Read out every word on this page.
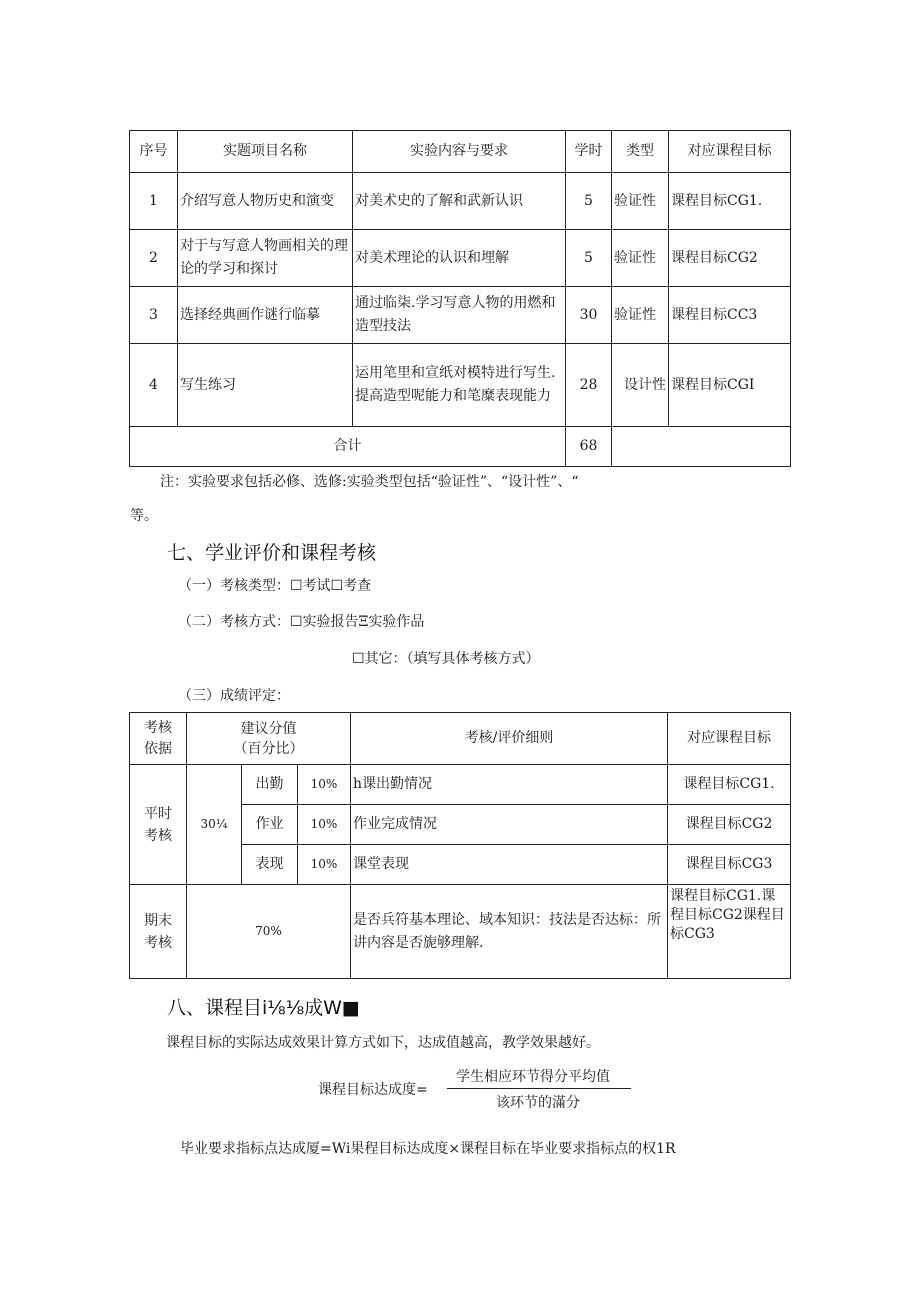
序号	实题项目名称	实验内容与要求	学时	类型	对应课程目标
1	介绍写意人物历史和演变	对美术史的了解和武新认识	5	验证性	课程目标CG1.
2	对于与写意人物画相关的理论的学习和探讨	对美术理论的认识和埋解	5	验证性	课程目标CG2
3	选择经典画作谜行临摹	通过临柒.学习写意人物的用燃和造型技法	30	验证性	课程目标CC3
4	写生练习	运用笔里和宣纸对模特进行写生.提高造型呢能力和笔糜表现能力	28	设计性	课程目标CGI
合计			68		
注：实验要求包括必修、选修:实验类型包括“验证性”、“设计性”、“
等。
七、学业评价和课程考核
（一）考核类型：☐考试☐考查
（二）考核方式：☐实验报告Ξ实验作品
☐其它：（填写具体考核方式）
（三）成绩评定：
考核依据	建议分值
（百分比）			考核/评价细则	对应课程目标

平时考核	30¼	出勤	10%	h课出勤情况	课程目标CG1.
		作业	10%	作业完成情况	课程目标CG2
		表现	10%	课堂表现	课程目标CG3

期末考核	70%			是否兵符基本理论、域本知识：技法是否达标：所讲内容是否旎够理解.	课程目标CG1.课程目标CG2课程目标CG3
八、课程目i⅛⅛成W■
课程目标的实际达成效果计算方式如下，达成值越高，教学效果越好。
课程目标达成度=
学生相应环节得分平均值
该环节的滿分
毕业要求指标点达成厦=Wi果程目标达成度×课程目标在毕业要求指标点的权1R
